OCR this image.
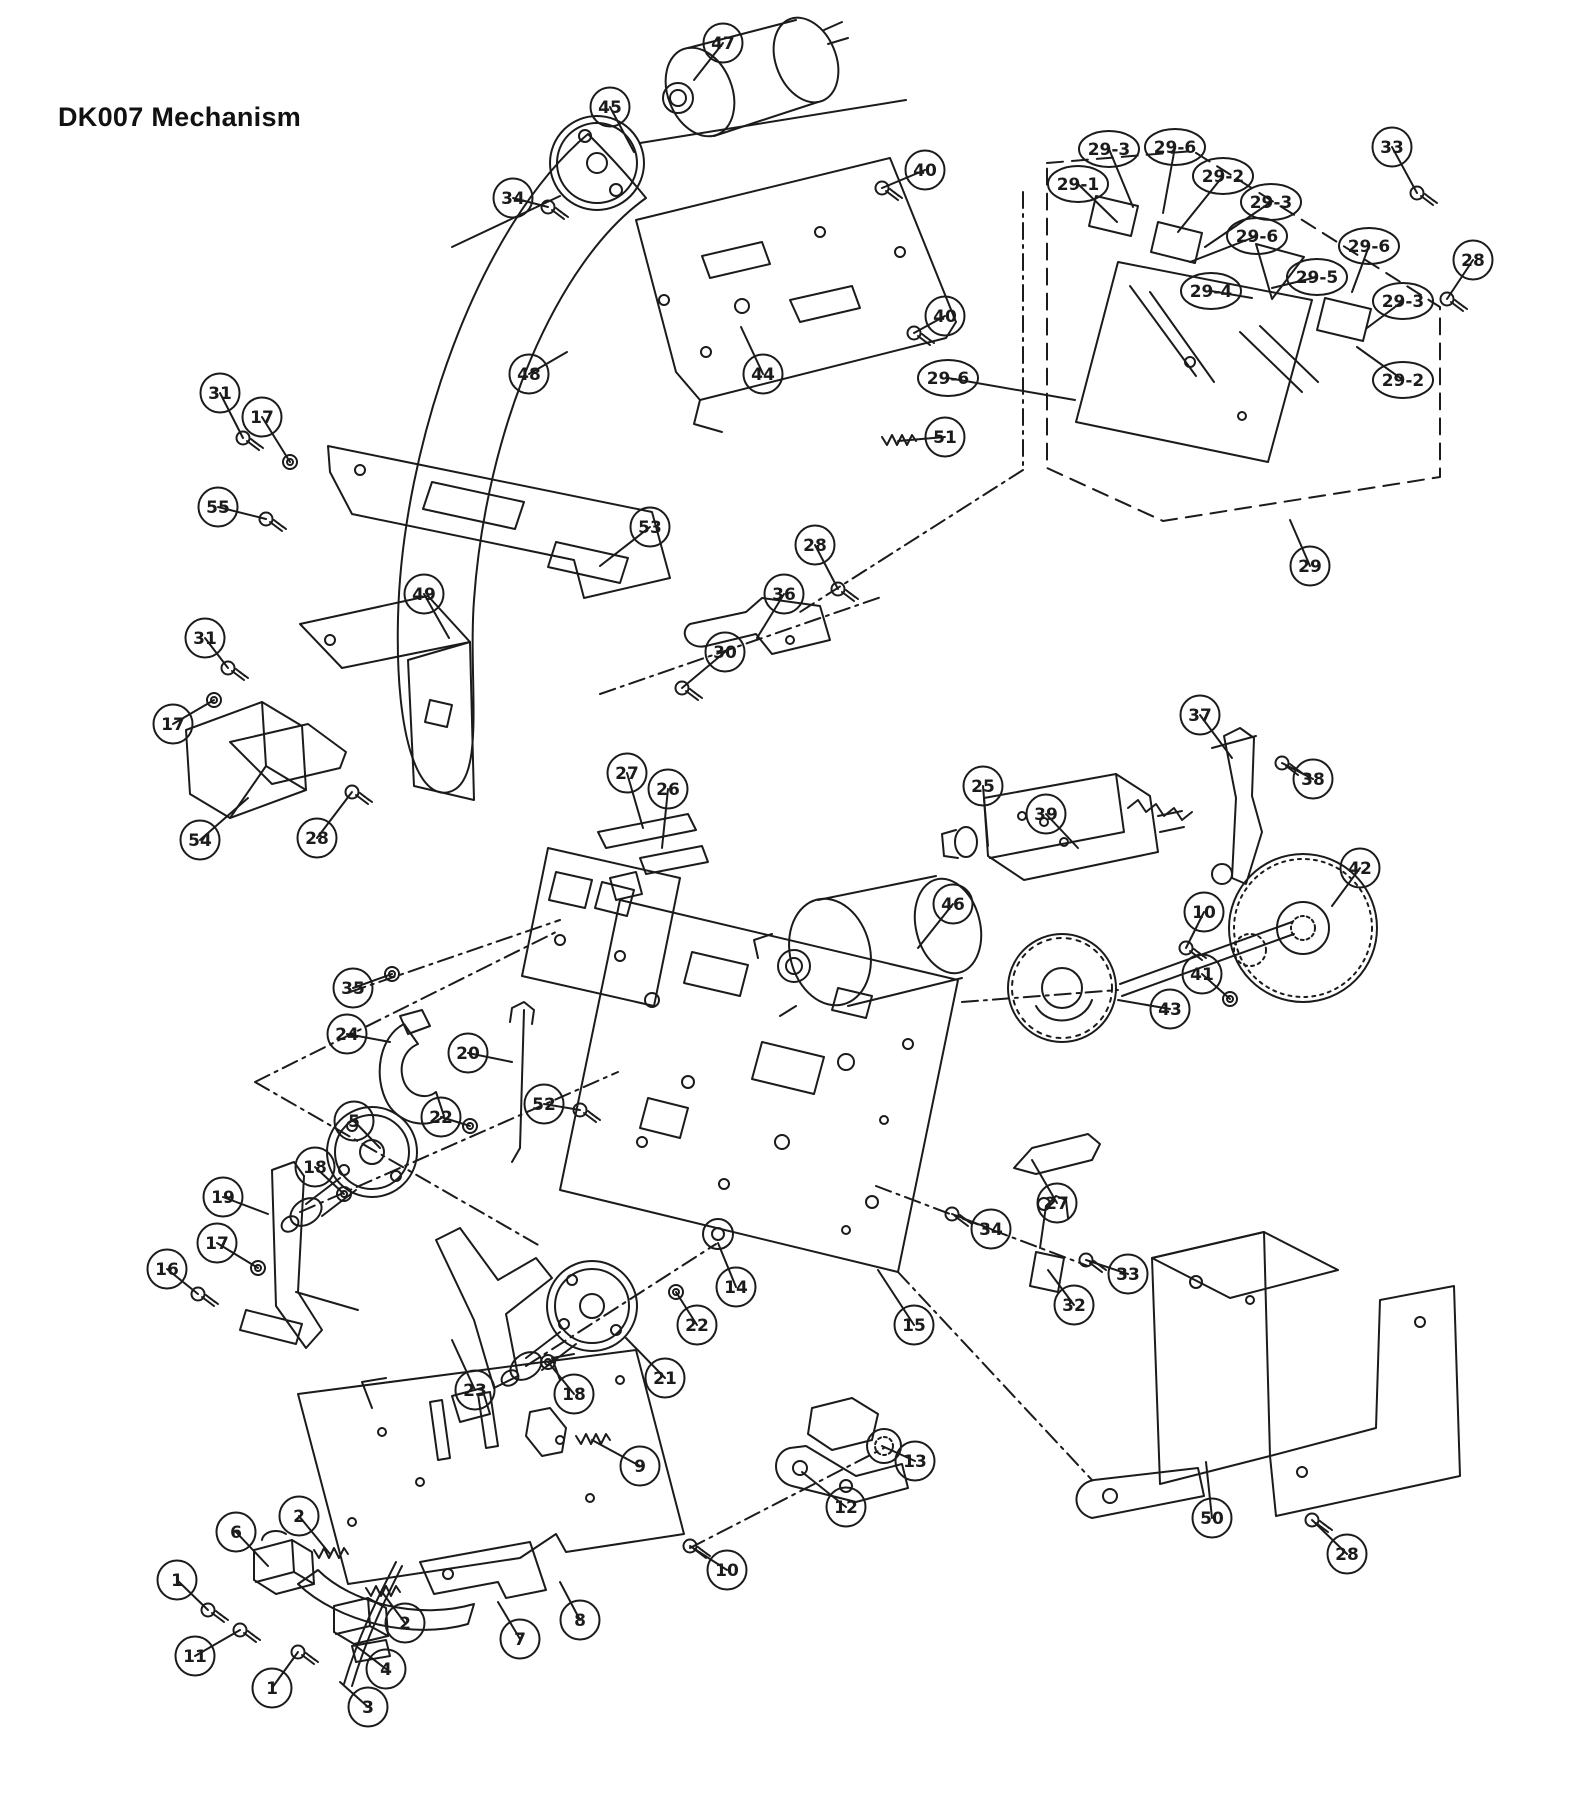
47
45
34
40
44
40
48
51
29-3 29-6
29-1	29-2
29-3
29-6
29-5
29-4
29-6
29-3
29-2
33
28
29-6
29
31
17
55
53
49
28
36
30
31
17
54	28
27
26
37
38
25
39
46
42
10
41
43
35
24
20
52
22
5
18
19
17
16
23
14
22
21
18
15
27
34
33
32
50
28
9	13
12
10
2
6
1
11
1
3
4
2
7
8
DK007 Mechanism
